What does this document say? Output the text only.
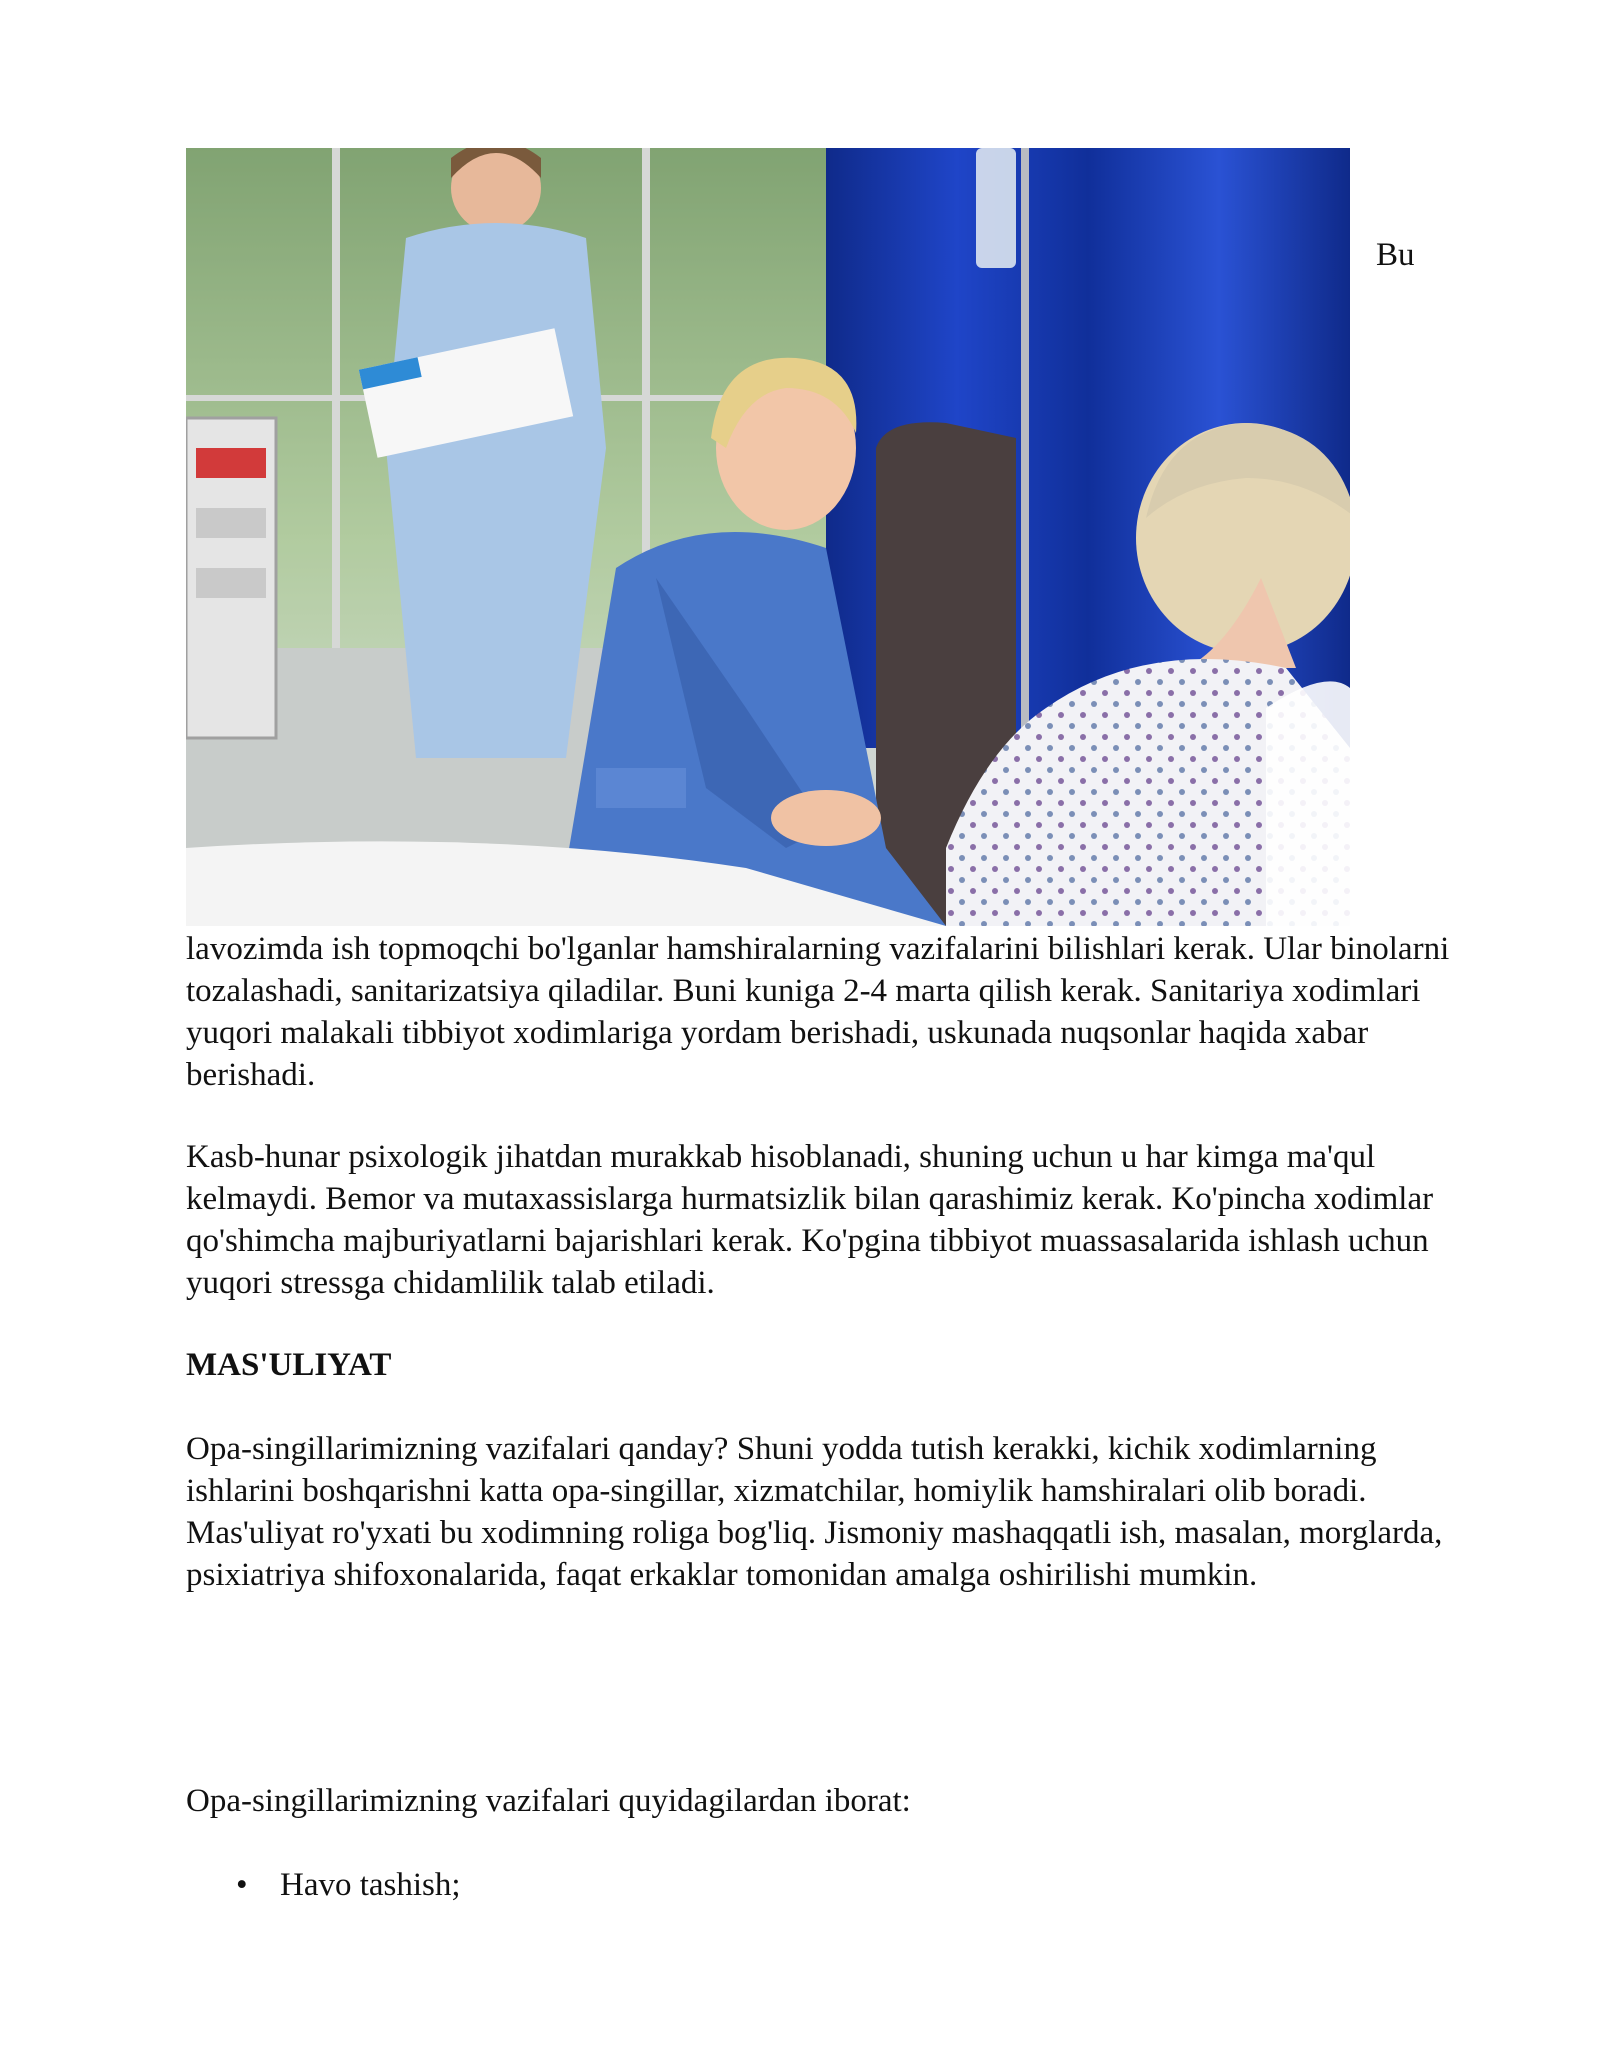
Bu

lavozimda ish topmoqchi bo'lganlar hamshiralarning vazifalarini bilishlari kerak. Ular binolarni tozalashadi, sanitarizatsiya qiladilar. Buni kuniga 2-4 marta qilish kerak. Sanitariya xodimlari yuqori malakali tibbiyot xodimlariga yordam berishadi, uskunada nuqsonlar haqida xabar berishadi.

Kasb-hunar psixologik jihatdan murakkab hisoblanadi, shuning uchun u har kimga ma'qul kelmaydi. Bemor va mutaxassislarga hurmatsizlik bilan qarashimiz kerak. Ko'pincha xodimlar qo'shimcha majburiyatlarni bajarishlari kerak. Ko'pgina tibbiyot muassasalarida ishlash uchun yuqori stressga chidamlilik talab etiladi.

MAS'ULIYAT

Opa-singillarimizning vazifalari qanday? Shuni yodda tutish kerakki, kichik xodimlarning ishlarini boshqarishni katta opa-singillar, xizmatchilar, homiylik hamshiralari olib boradi. Mas'uliyat ro'yxati bu xodimning roliga bog'liq. Jismoniy mashaqqatli ish, masalan, morglarda, psixiatriya shifoxonalarida, faqat erkaklar tomonidan amalga oshirilishi mumkin.

Opa-singillarimizning vazifalari quyidagilardan iborat:

• Havo tashish;
